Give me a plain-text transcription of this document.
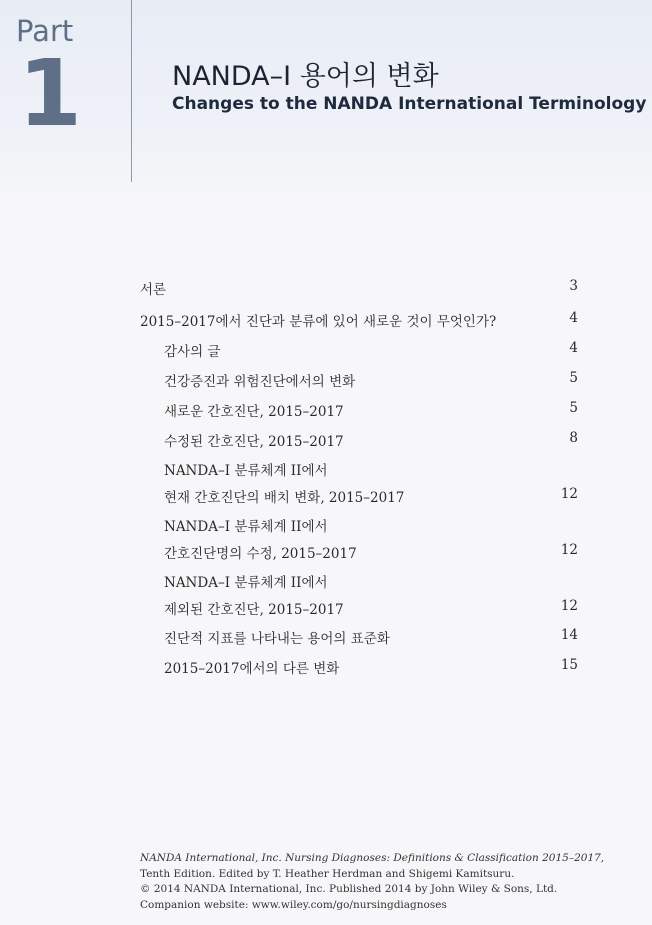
Part
1	NANDA–I 용어의 변화
Changes to the NANDA International Terminology
서론	3
2015–2017에서 진단과 분류에 있어 새로운 것이 무엇인가?	4
감사의 글	4
건강증진과 위험진단에서의 변화	5
새로운 간호진단, 2015–2017	5
수정된 간호진단, 2015–2017	8
NANDA–I 분류체계 II에서
현재 간호진단의 배치 변화, 2015–2017	12
NANDA–I 분류체계 II에서
간호진단명의 수정, 2015–2017	12
NANDA–I 분류체계 II에서
제외된 간호진단, 2015–2017	12
진단적 지표를 나타내는 용어의 표준화	14
2015–2017에서의 다른 변화	15
NANDA International, Inc. Nursing Diagnoses: Definitions & Classification 2015–2017,
Tenth Edition. Edited by T. Heather Herdman and Shigemi Kamitsuru.
© 2014 NANDA International, Inc. Published 2014 by John Wiley & Sons, Ltd.
Companion website: www.wiley.com/go/nursingdiagnoses
